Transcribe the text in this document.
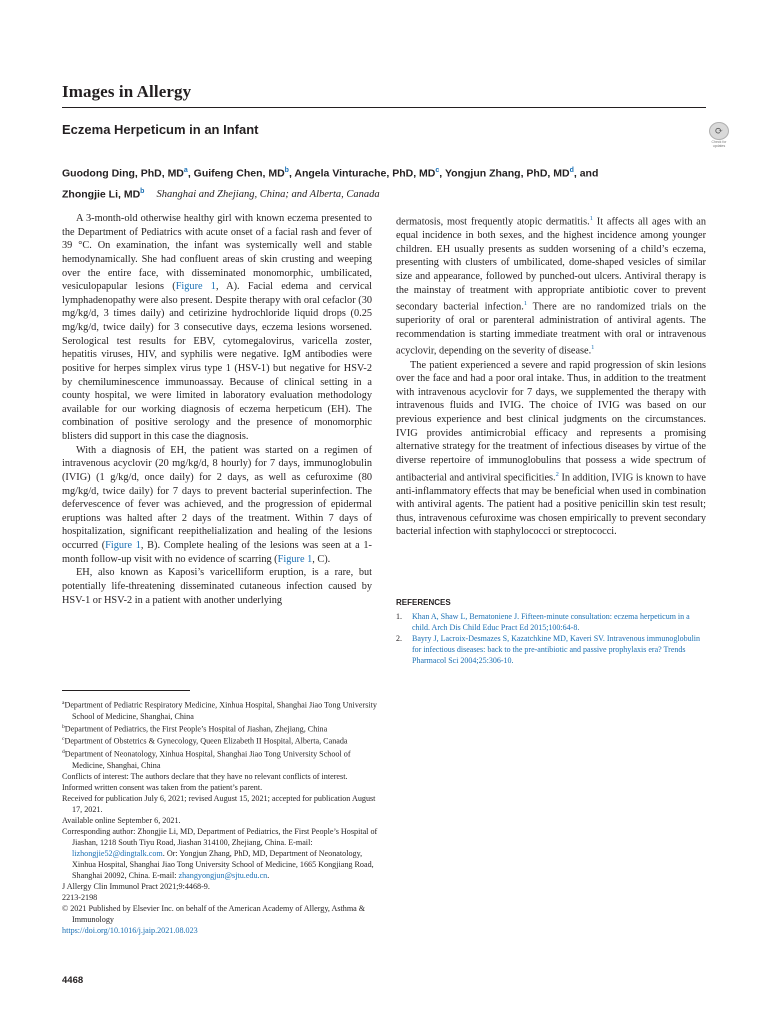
Images in Allergy
Eczema Herpeticum in an Infant	⟳
Check for updates
Guodong Ding, PhD, $MD^a$, Guifeng Chen, $MD^b$, Angela Vinturache, PhD, $MD^c$, Yongjun Zhang, PhD, $MD^d$, and
Zhongjie Li, $MD^b$ Shanghai and Zhejiang, China; and Alberta, Canada

A 3-month-old otherwise healthy girl with known eczema presented to the Department of Pediatrics with acute onset of a facial rash and fever of 39 °C. On examination, the infant was systemically well and stable hemodynamically. She had confluent areas of skin crusting and weeping over the entire face, with disseminated monomorphic, umbilicated, vesiculopapular lesions (Figure 1, A). Facial edema and cervical lymphadenopathy were also present. Despite therapy with oral cefaclor (30 mg/kg/d, 3 times daily) and cetirizine hydrochloride liquid drops (0.25 mg/kg/d, twice daily) for 3 consecutive days, eczema lesions worsened. Serological test results for EBV, cytomegalovirus, varicella zoster, hepatitis viruses, HIV, and syphilis were negative. IgM antibodies were positive for herpes simplex virus type 1 (HSV-1) but negative for HSV-2 by chemiluminescence immunoassay. Because of clinical setting in a county hospital, we were limited in laboratory evaluation methodology available for our working diagnosis of eczema herpeticum (EH). The combination of positive serology and the presence of monomorphic blisters did support in this case the diagnosis.

With a diagnosis of EH, the patient was started on a regimen of intravenous acyclovir (20 mg/kg/d, 8 hourly) for 7 days, immunoglobulin (IVIG) (1 g/kg/d, once daily) for 2 days, as well as cefuroxime (80 mg/kg/d, twice daily) for 7 days to prevent bacterial superinfection. The defervescence of fever was achieved, and the progression of epidermal eruptions was halted after 2 days of the treatment. Within 7 days of hospitalization, significant reepithelialization and healing of the lesions occurred (Figure 1, B). Complete healing of the lesions was seen at a 1-month follow-up visit with no evidence of scarring (Figure 1, C).

EH, also known as Kaposi’s varicelliform eruption, is a rare, but potentially life-threatening disseminated cutaneous infection caused by HSV-1 or HSV-2 in a patient with another underlying

dermatosis, most frequently atopic dermatitis.$^1$ It affects all ages with an equal incidence in both sexes, and the highest incidence among younger children. EH usually presents as sudden worsening of a child’s eczema, presenting with clusters of umbilicated, dome-shaped vesicles of similar size and appearance, followed by punched-out ulcers. Antiviral therapy is the mainstay of treatment with appropriate antibiotic cover to prevent secondary bacterial infection.$^1$ There are no randomized trials on the superiority of oral or parenteral administration of antiviral agents. The recommendation is starting immediate treatment with oral or intravenous acyclovir, depending on the severity of disease.$^1$

The patient experienced a severe and rapid progression of skin lesions over the face and had a poor oral intake. Thus, in addition to the treatment with intravenous acyclovir for 7 days, we supplemented the therapy with intravenous fluids and IVIG. The choice of IVIG was based on our previous experience and best clinical judgments on the circumstances. IVIG provides antimicrobial efficacy and represents a promising alternative strategy for the treatment of infectious diseases by virtue of the diverse repertoire of immunoglobulins that possess a wide spectrum of antibacterial and antiviral specificities.$^2$ In addition, IVIG is known to have anti-inflammatory effects that may be beneficial when used in combination with antiviral agents. The patient had a positive penicillin skin test result; thus, intravenous cefuroxime was chosen empirically to prevent secondary bacterial infection with staphylococci or streptococci.

REFERENCES
1. Khan A, Shaw L, Bernatoniene J. Fifteen-minute consultation: eczema herpeticum in a child. Arch Dis Child Educ Pract Ed 2015;100:64-8.
2. Bayry J, Lacroix-Desmazes S, Kazatchkine MD, Kaveri SV. Intravenous immunoglobulin for infectious diseases: back to the pre-antibiotic and passive prophylaxis era? Trends Pharmacol Sci 2004;25:306-10.
$^a$Department of Pediatric Respiratory Medicine, Xinhua Hospital, Shanghai Jiao Tong University School of Medicine, Shanghai, China
$^b$Department of Pediatrics, the First People’s Hospital of Jiashan, Zhejiang, China
$^c$Department of Obstetrics & Gynecology, Queen Elizabeth II Hospital, Alberta, Canada
$^d$Department of Neonatology, Xinhua Hospital, Shanghai Jiao Tong University School of Medicine, Shanghai, China
Conflicts of interest: The authors declare that they have no relevant conflicts of interest.
Informed written consent was taken from the patient’s parent.
Received for publication July 6, 2021; revised August 15, 2021; accepted for publication August 17, 2021.
Available online September 6, 2021.
Corresponding author: Zhongjie Li, MD, Department of Pediatrics, the First People’s Hospital of Jiashan, 1218 South Tiyu Road, Jiashan 314100, Zhejiang, China. E-mail: lizhongjie52@dingtalk.com. Or: Yongjun Zhang, PhD, MD, Department of Neonatology, Xinhua Hospital, Shanghai Jiao Tong University School of Medicine, 1665 Kongjiang Road, Shanghai 20092, China. E-mail: zhangyongjun@sjtu.edu.cn.
J Allergy Clin Immunol Pract 2021;9:4468-9.
2213-2198
© 2021 Published by Elsevier Inc. on behalf of the American Academy of Allergy, Asthma & Immunology
https://doi.org/10.1016/j.jaip.2021.08.023
4468
